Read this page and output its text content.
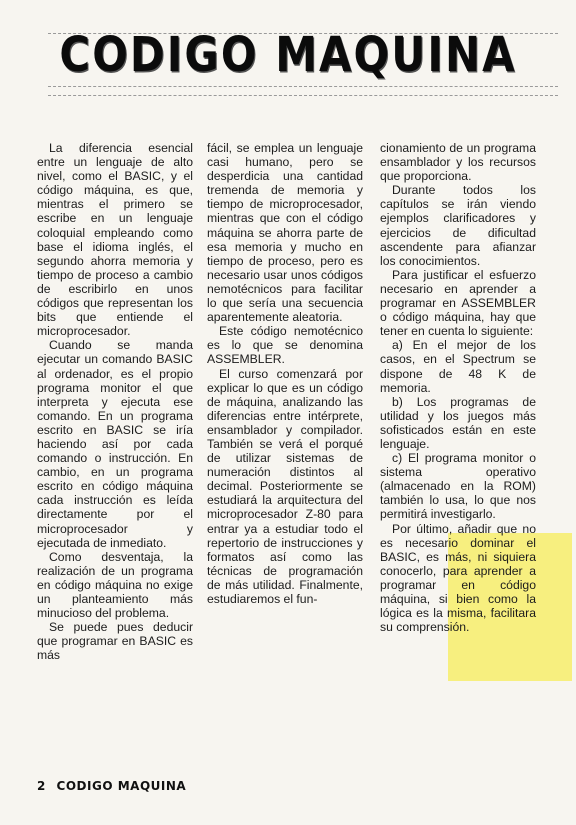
CODIGO MAQUINA

La diferencia esencial entre un lenguaje de alto nivel, como el BASIC, y el código máquina, es que, mientras el primero se escribe en un lenguaje coloquial empleando como base el idioma inglés, el segundo ahorra memoria y tiempo de proceso a cambio de escribirlo en unos códigos que representan los bits que entiende el microprocesador.

Cuando se manda ejecutar un comando BASIC al ordenador, es el propio programa monitor el que interpreta y ejecuta ese comando. En un programa escrito en BASIC se iría haciendo así por cada comando o instrucción. En cambio, en un programa escrito en código máquina cada instrucción es leída directamente por el microprocesador y ejecutada de inmediato.

Como desventaja, la realización de un programa en código máquina no exige un planteamiento más minucioso del problema.

Se puede pues deducir que programar en BASIC es más

fácil, se emplea un lenguaje casi humano, pero se desperdicia una cantidad tremenda de memoria y tiempo de microprocesador, mientras que con el código máquina se ahorra parte de esa memoria y mucho en tiempo de proceso, pero es necesario usar unos códigos nemotécnicos para facilitar lo que sería una secuencia aparentemente aleatoria.

Este código nemotécnico es lo que se denomina ASSEMBLER.

El curso comenzará por explicar lo que es un código de máquina, analizando las diferencias entre intérprete, ensamblador y compilador. También se verá el porqué de utilizar sistemas de numeración distintos al decimal. Posteriormente se estudiará la arquitectura del microprocesador Z-80 para entrar ya a estudiar todo el repertorio de instrucciones y formatos así como las técnicas de programación de más utilidad. Finalmente, estudiaremos el fun-

cionamiento de un programa ensamblador y los recursos que proporciona.

Durante todos los capítulos se irán viendo ejemplos clarificadores y ejercicios de dificultad ascendente para afianzar los conocimientos.

Para justificar el esfuerzo necesario en aprender a programar en ASSEMBLER o código máquina, hay que tener en cuenta lo siguiente:

a) En el mejor de los casos, en el Spectrum se dispone de 48 K de memoria.

b) Los programas de utilidad y los juegos más sofisticados están en este lenguaje.

c) El programa monitor o sistema operativo (almacenado en la ROM) también lo usa, lo que nos permitirá investigarlo.

Por último, añadir que no es necesario dominar el BASIC, es más, ni siquiera conocerlo, para aprender a programar en código máquina, si bien como la lógica es la misma, facilitara su comprensión.

2 CODIGO MAQUINA
